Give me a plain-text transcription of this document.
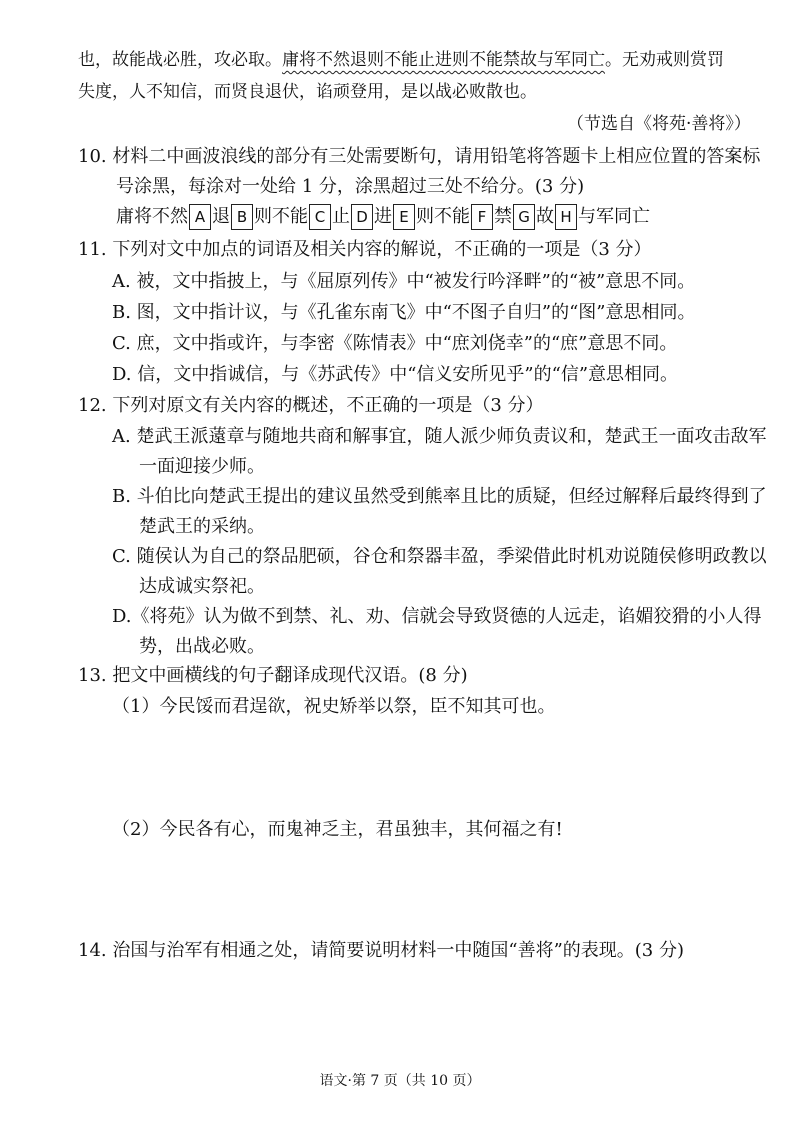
也，故能战必胜，攻必取。庸将不然退则不能止进则不能禁故与军同亡。无劝戒则赏罚
失度，人不知信，而贤良退伏，谄顽登用，是以战必败散也。
（节选自《将苑·善将》）
10. 材料二中画波浪线的部分有三处需要断句，请用铅笔将答题卡上相应位置的答案标
号涂黑，每涂对一处给 1 分，涂黑超过三处不给分。(3 分)
庸将不然 A 退 B 则不能 C 止 D 进 E 则不能 F 禁 G 故 H 与军同亡
11. 下列对文中加点的词语及相关内容的解说，不正确的一项是（3 分）
A. 被，文中指披上，与《屈原列传》中“被发行吟泽畔”的“被”意思不同。
B. 图，文中指计议，与《孔雀东南飞》中“不图子自归”的“图”意思相同。
C. 庶，文中指或许，与李密《陈情表》中“庶刘侥幸”的“庶”意思不同。
D. 信，文中指诚信，与《苏武传》中“信义安所见乎”的“信”意思相同。
12. 下列对原文有关内容的概述，不正确的一项是（3 分）
A. 楚武王派薳章与随地共商和解事宜，随人派少师负责议和，楚武王一面攻击敌军
一面迎接少师。
B. 斗伯比向楚武王提出的建议虽然受到熊率且比的质疑，但经过解释后最终得到了
楚武王的采纳。
C. 随侯认为自己的祭品肥硕，谷仓和祭器丰盈，季梁借此时机劝说随侯修明政教以
达成诚实祭祀。
D.《将苑》认为做不到禁、礼、劝、信就会导致贤德的人远走，谄媚狡猾的小人得
势，出战必败。
13. 把文中画横线的句子翻译成现代汉语。(8 分)
（1）今民馁而君逞欲，祝史矫举以祭，臣不知其可也。
（2）今民各有心，而鬼神乏主，君虽独丰，其何福之有!
14. 治国与治军有相通之处，请简要说明材料一中随国“善将”的表现。(3 分)
语文·第 7 页（共 10 页）
